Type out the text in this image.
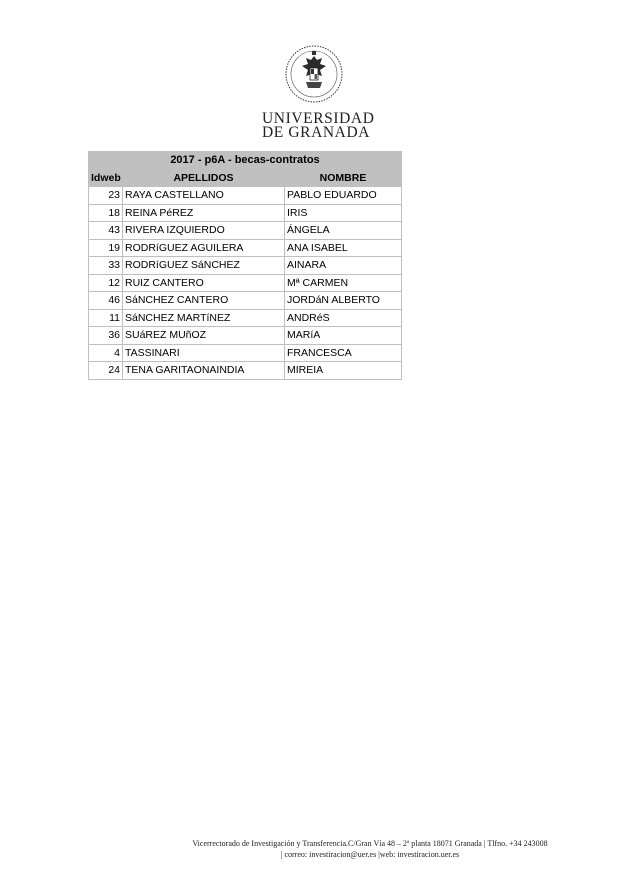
UNIVERSIDAD
DE GRANADA
2017 - p6A - becas-contratos		
Idweb	APELLIDOS	NOMBRE
23	RAYA CASTELLANO	PABLO EDUARDO
18	REINA PéREZ	IRIS
43	RIVERA IZQUIERDO	ÁNGELA
19	RODRíGUEZ AGUILERA	ANA ISABEL
33	RODRíGUEZ SáNCHEZ	AINARA
12	RUIZ CANTERO	Mª CARMEN
46	SáNCHEZ CANTERO	JORDáN ALBERTO
11	SáNCHEZ MARTíNEZ	ANDRéS
36	SUáREZ MUñOZ	MARíA
4	TASSINARI	FRANCESCA
24	TENA GARITAONAINDIA	MIREIA
Vicerrectorado de Investigación y Transferencia.C/Gran Vía 48 – 2ª planta 18071 Granada | Tlfno. +34 243008
| correo: investiracion@uer.es |web: investiracion.uer.es
